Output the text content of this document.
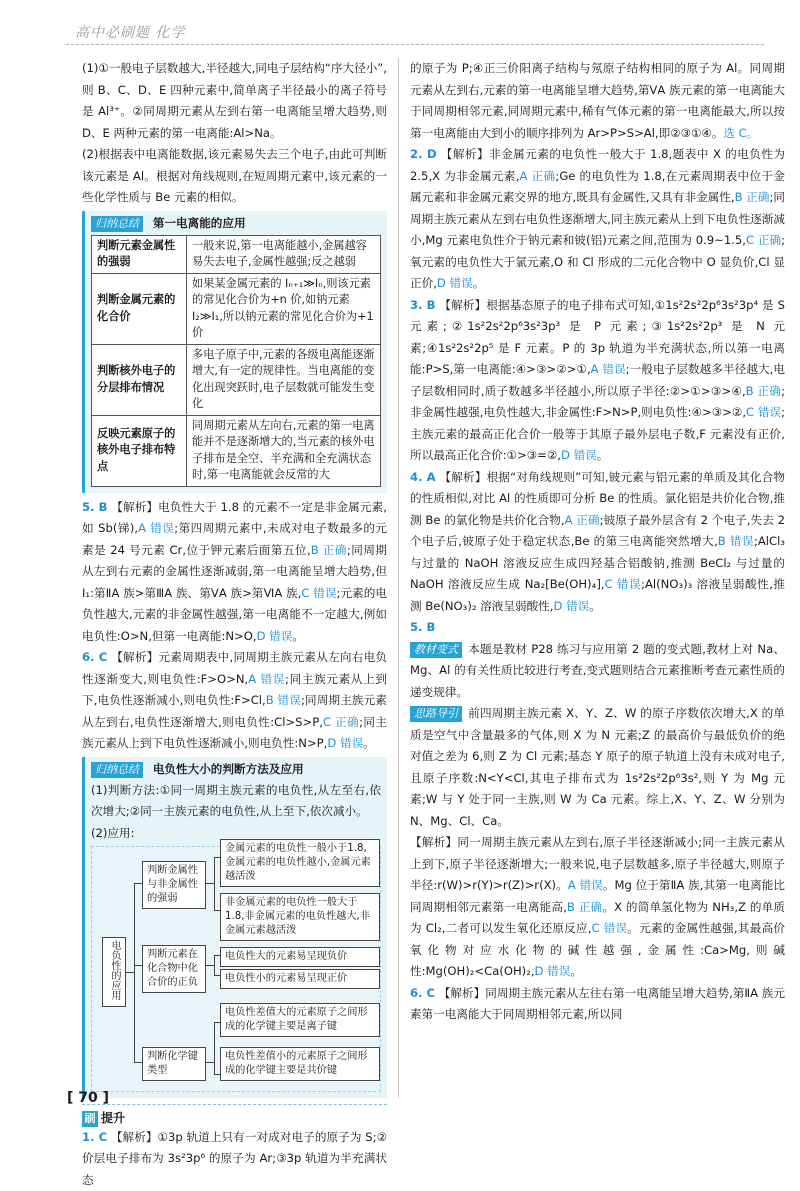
高中必刷题 化学

(1)①一般电子层数越大,半径越大,同电子层结构“序大径小”,则 B、C、D、E 四种元素中,简单离子半径最小的离子符号是 Al³⁺。②同周期元素从左到右第一电离能呈增大趋势,则 D、E 两种元素的第一电离能:Al>Na。

(2)根据表中电离能数据,该元素易失去三个电子,由此可判断该元素是 Al。根据对角线规则,在短周期元素中,该元素的一些化学性质与 Be 元素的相似。

归纳总结 第一电离能的应用
判断元素金属性的强弱	一般来说,第一电离能越小,金属越容易失去电子,金属性越强;反之越弱
判断金属元素的化合价	如果某金属元素的 Iₙ₊₁≫Iₙ,则该元素的常见化合价为+n 价,如钠元素 I₂≫I₁,所以钠元素的常见化合价为+1 价
判断核外电子的分层排布情况	多电子原子中,元素的各级电离能逐渐增大,有一定的规律性。当电离能的变化出现突跃时,电子层数就可能发生变化
反映元素原子的核外电子排布特点	同周期元素从左向右,元素的第一电离能并不是逐渐增大的,当元素的核外电子排布是全空、半充满和全充满状态时,第一电离能就会反常的大

5. B 【解析】电负性大于 1.8 的元素不一定是非金属元素,如 Sb(锑),A 错误;第四周期元素中,未成对电子数最多的元素是 24 号元素 Cr,位于钾元素后面第五位,B 正确;同周期从左到右元素的金属性逐渐减弱,第一电离能呈增大趋势,但 I₁:第ⅡA 族>第ⅢA 族、第ⅤA 族>第ⅥA 族,C 错误;元素的电负性越大,元素的非金属性越强,第一电离能不一定越大,例如电负性:O>N,但第一电离能:N>O,D 错误。

6. C 【解析】元素周期表中,同周期主族元素从左向右电负性逐渐变大,则电负性:F>O>N,A 错误;同主族元素从上到下,电负性逐渐减小,则电负性:F>Cl,B 错误;同周期主族元素从左到右,电负性逐渐增大,则电负性:Cl>S>P,C 正确;同主族元素从上到下电负性逐渐减小,则电负性:N>P,D 错误。

归纳总结 电负性大小的判断方法及应用

(1)判断方法:①同一周期主族元素的电负性,从左至右,依次增大;②同一主族元素的电负性,从上至下,依次减小。

(2)应用:

电负性的应用
判断金属性与非金属性的强弱
判断元素在化合物中化合价的正负
判断化学键类型
金属元素的电负性一般小于1.8,金属元素的电负性越小,金属元素越活泼
非金属元素的电负性一般大于1.8,非金属元素的电负性越大,非金属元素越活泼
电负性大的元素易呈现负价
电负性小的元素易呈现正价
电负性差值大的元素原子之间形成的化学键主要是离子键
电负性差值小的元素原子之间形成的化学键主要是共价键
刷 提升

1. C 【解析】①3p 轨道上只有一对成对电子的原子为 S;②价层电子排布为 3s²3p⁶ 的原子为 Ar;③3p 轨道为半充满状态

的原子为 P;④正三价阳离子结构与氖原子结构相同的原子为 Al。同周期元素从左到右,元素的第一电离能呈增大趋势,第ⅤA 族元素的第一电离能大于同周期相邻元素,同周期元素中,稀有气体元素的第一电离能最大,所以按第一电离能由大到小的顺序排列为 Ar>P>S>Al,即②③①④。选 C。

2. D 【解析】非金属元素的电负性一般大于 1.8,题表中 X 的电负性为 2.5,X 为非金属元素,A 正确;Ge 的电负性为 1.8,在元素周期表中位于金属元素和非金属元素交界的地方,既具有金属性,又具有非金属性,B 正确;同周期主族元素从左到右电负性逐渐增大,同主族元素从上到下电负性逐渐减小,Mg 元素电负性介于钠元素和铍(铝)元素之间,范围为 0.9~1.5,C 正确;氧元素的电负性大于氯元素,O 和 Cl 形成的二元化合物中 O 显负价,Cl 显正价,D 错误。

3. B 【解析】根据基态原子的电子排布式可知,①1s²2s²2p⁶3s²3p⁴ 是 S 元素;②1s²2s²2p⁶3s²3p³ 是 P 元素;③1s²2s²2p³ 是 N 元素;④1s²2s²2p⁵ 是 F 元素。P 的 3p 轨道为半充满状态,所以第一电离能:P>S,第一电离能:④>③>②>①,A 错误;一般电子层数越多半径越大,电子层数相同时,质子数越多半径越小,所以原子半径:②>①>③>④,B 正确;非金属性越强,电负性越大,非金属性:F>N>P,则电负性:④>③>②,C 错误;主族元素的最高正化合价一般等于其原子最外层电子数,F 元素没有正价,所以最高正化合价:①>③=②,D 错误。

4. A 【解析】根据“对角线规则”可知,铍元素与铝元素的单质及其化合物的性质相似,对比 Al 的性质即可分析 Be 的性质。氯化铝是共价化合物,推测 Be 的氯化物是共价化合物,A 正确;铍原子最外层含有 2 个电子,失去 2 个电子后,铍原子处于稳定状态,Be 的第三电离能突然增大,B 错误;AlCl₃ 与过量的 NaOH 溶液反应生成四羟基合铝酸钠,推测 BeCl₂ 与过量的 NaOH 溶液反应生成 Na₂[Be(OH)₄],C 错误;Al(NO₃)₃ 溶液呈弱酸性,推测 Be(NO₃)₂ 溶液呈弱酸性,D 错误。

5. B

教材变式 本题是教材 P28 练习与应用第 2 题的变式题,教材上对 Na、Mg、Al 的有关性质比较进行考查,变式题则结合元素推断考查元素性质的递变规律。

思路导引 前四周期主族元素 X、Y、Z、W 的原子序数依次增大,X 的单质是空气中含量最多的气体,则 X 为 N 元素;Z 的最高价与最低负价的绝对值之差为 6,则 Z 为 Cl 元素;基态 Y 原子的原子轨道上没有未成对电子,且原子序数:N<Y<Cl,其电子排布式为 1s²2s²2p⁶3s²,则 Y 为 Mg 元素;W 与 Y 处于同一主族,则 W 为 Ca 元素。综上,X、Y、Z、W 分别为 N、Mg、Cl、Ca。

【解析】同一周期主族元素从左到右,原子半径逐渐减小;同一主族元素从上到下,原子半径逐渐增大;一般来说,电子层数越多,原子半径越大,则原子半径:r(W)>r(Y)>r(Z)>r(X)。A 错误。Mg 位于第ⅡA 族,其第一电离能比同周期相邻元素第一电离能高,B 正确。X 的简单氢化物为 NH₃,Z 的单质为 Cl₂,二者可以发生氧化还原反应,C 错误。元素的金属性越强,其最高价氧化物对应水化物的碱性越强,金属性:Ca>Mg,则碱性:Mg(OH)₂<Ca(OH)₂,D 错误。

6. C 【解析】同周期主族元素从左往右第一电离能呈增大趋势,第ⅡA 族元素第一电离能大于同周期相邻元素,所以同

[ 70 ]
